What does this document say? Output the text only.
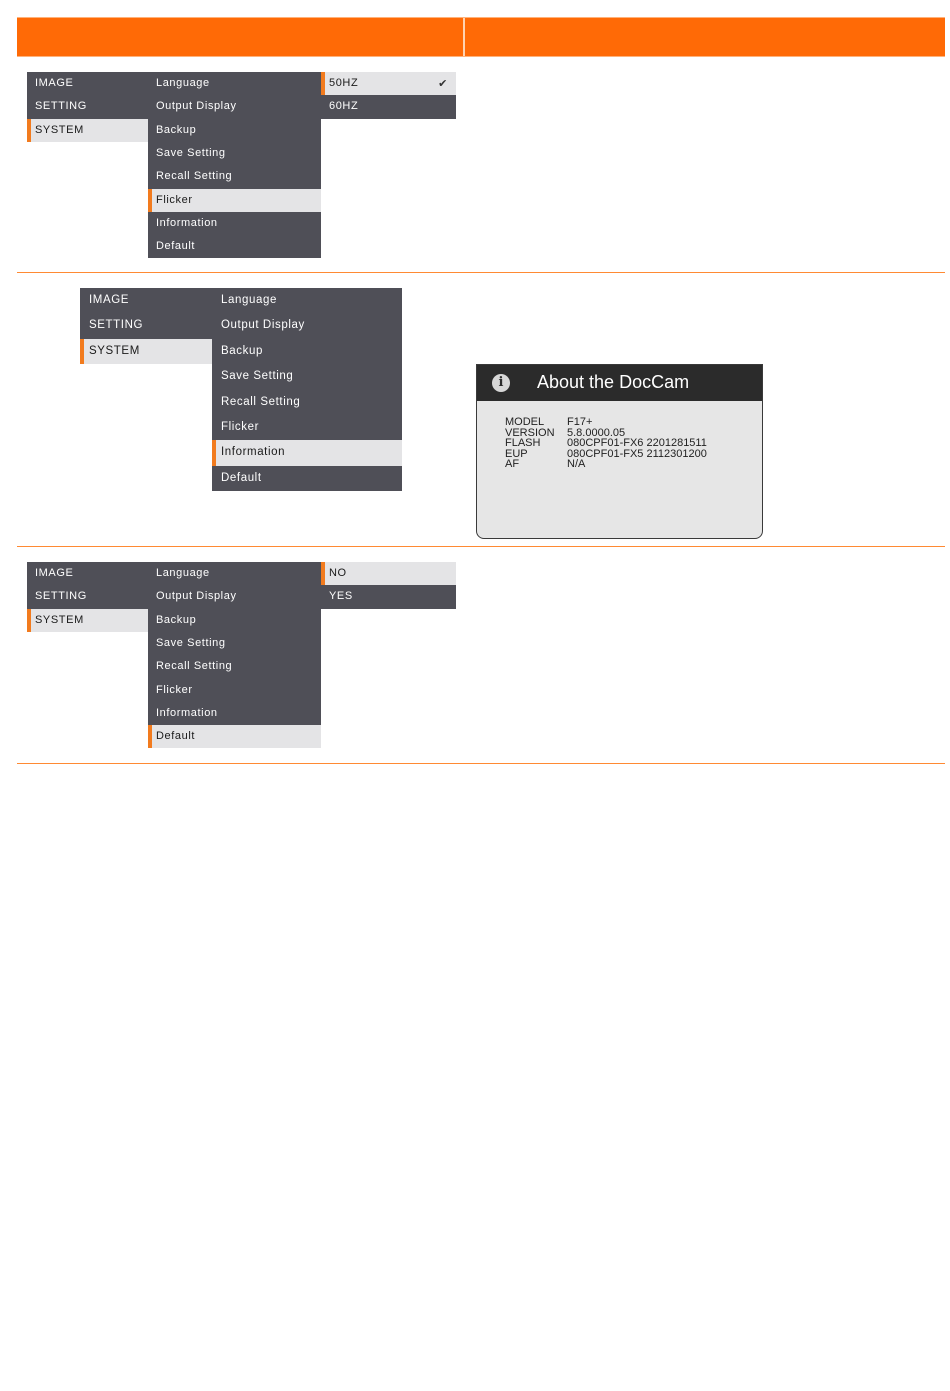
IMAGE
SETTING
SYSTEM
Language
Output Display
Backup
Save Setting
Recall Setting
Flicker
Information
Default
50HZ	✔
60HZ
IMAGE
SETTING
SYSTEM
Language
Output Display
Backup
Save Setting
Recall Setting
Flicker
Information
Default
i	About the DocCam
MODEL F17+
VERSION 5.8.0000.05
FLASH 080CPF01-FX6 2201281511
EUP	080CPF01-FX5 2112301200
AF	N/A
IMAGE
SETTING
SYSTEM
Language
Output Display
Backup
Save Setting
Recall Setting
Flicker
Information
Default
NO
YES
